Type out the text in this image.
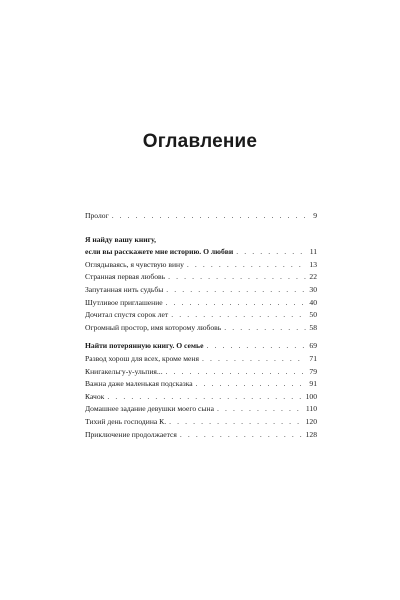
Оглавление
Пролог . . .	9
Я найду вашу книгу,
если вы расскажете мне историю. О любви . . .	11
Оглядываясь, я чувствую вину . . .	13
Странная первая любовь . . .	22
Запутанная нить судьбы . . .	30
Шутливое приглашение . . .	40
Дочитал спустя сорок лет . . .	50
Огромный простор, имя которому любовь . . .	58
Найти потерянную книгу. О семье . . .	69
Развод хорош для всех, кроме меня . . .	71
Книгакельгу-у-ульпия... . . .	79
Важна даже маленькая подсказка . . .	91
Качок . . .	100
Домашнее задание девушки моего сына . . .	110
Тихий день господина К. . . .	120
Приключение продолжается . . .	128
